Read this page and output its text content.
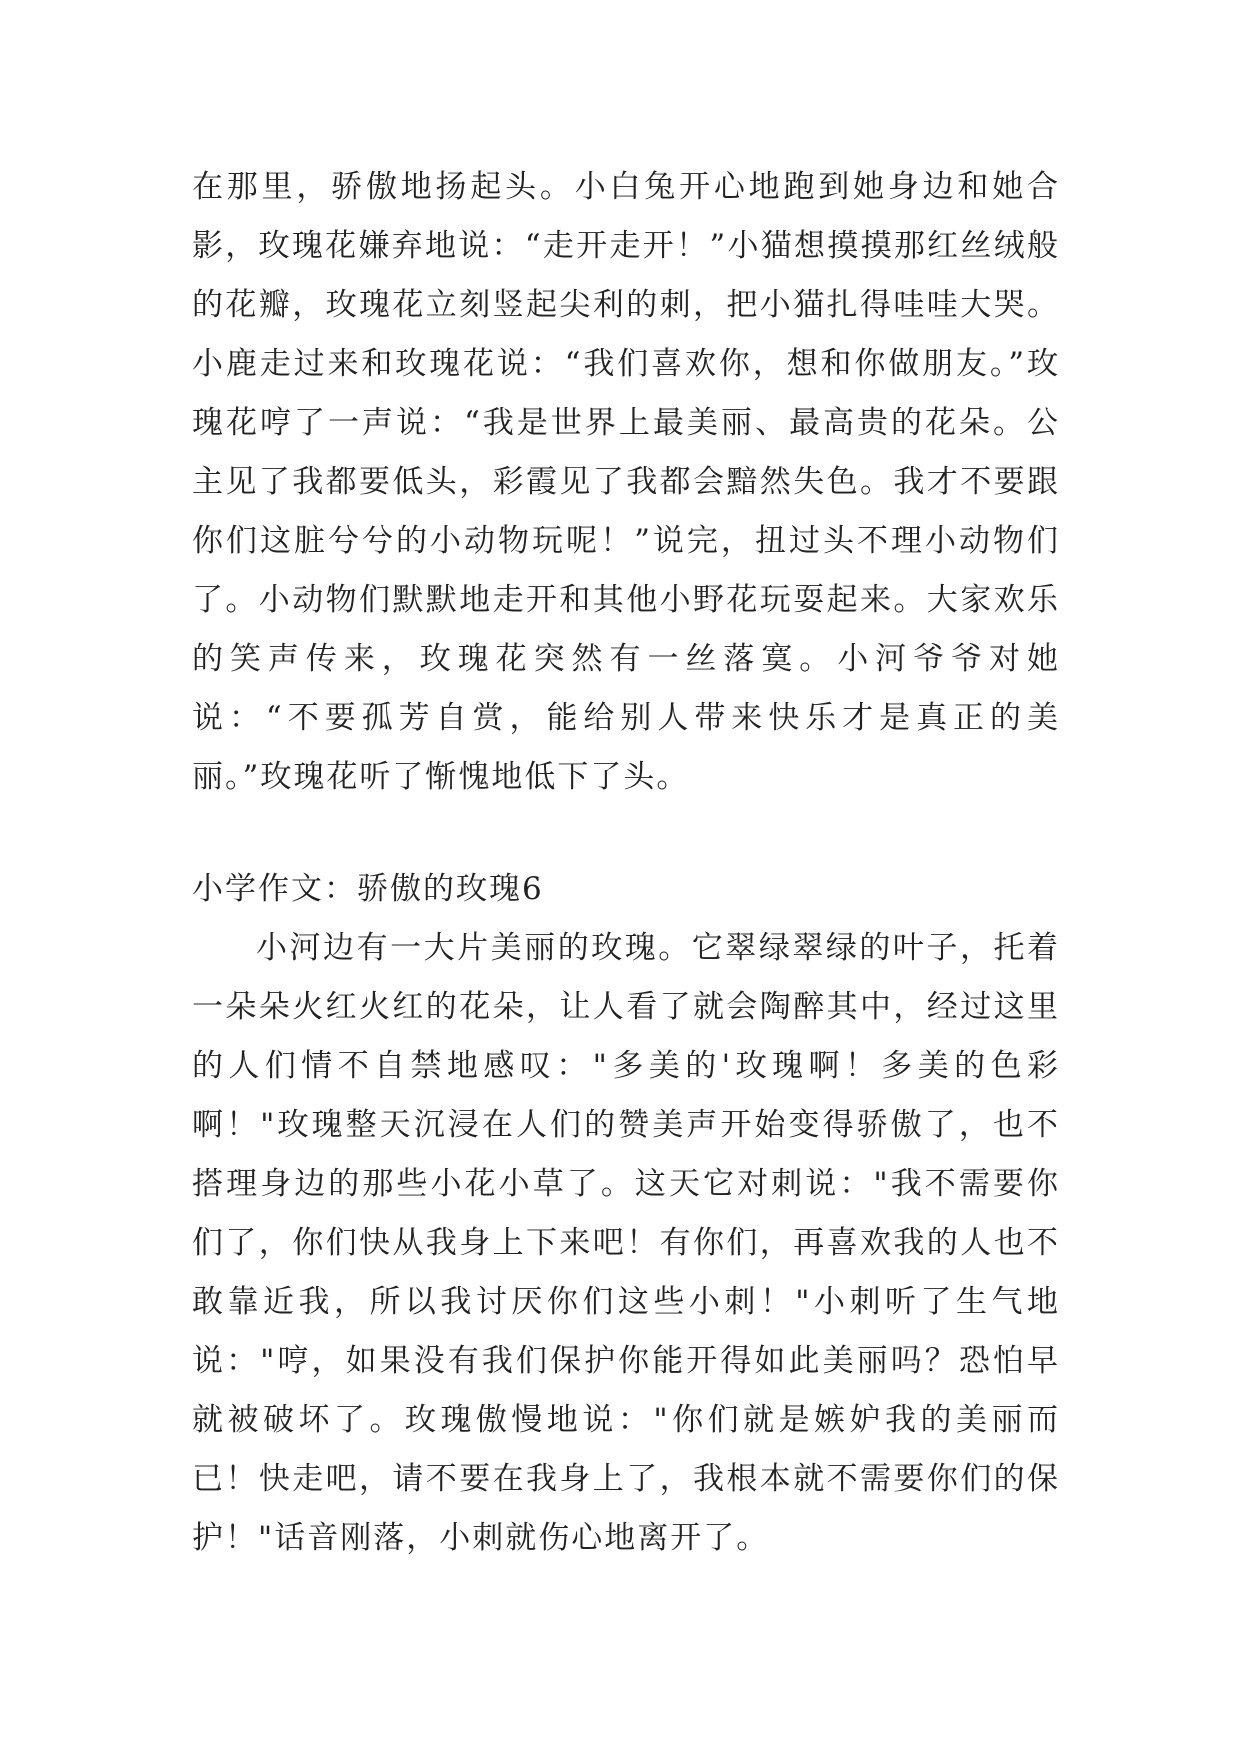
在那里，骄傲地扬起头。小白兔开心地跑到她身边和她合影，玫瑰花嫌弃地说：“走开走开！”小猫想摸摸那红丝绒般的花瓣，玫瑰花立刻竖起尖利的刺，把小猫扎得哇哇大哭。小鹿走过来和玫瑰花说：“我们喜欢你，想和你做朋友。”玫瑰花哼了一声说：“我是世界上最美丽、最高贵的花朵。公主见了我都要低头，彩霞见了我都会黯然失色。我才不要跟你们这脏兮兮的小动物玩呢！”说完，扭过头不理小动物们了。小动物们默默地走开和其他小野花玩耍起来。大家欢乐的笑声传来，玫瑰花突然有一丝落寞。小河爷爷对她说：“不要孤芳自赏，能给别人带来快乐才是真正的美丽。”玫瑰花听了惭愧地低下了头。

小学作文：骄傲的玫瑰6

小河边有一大片美丽的玫瑰。它翠绿翠绿的叶子，托着一朵朵火红火红的花朵，让人看了就会陶醉其中，经过这里的人们情不自禁地感叹："多美的'玫瑰啊！多美的色彩啊！"玫瑰整天沉浸在人们的赞美声开始变得骄傲了，也不搭理身边的那些小花小草了。这天它对刺说："我不需要你们了，你们快从我身上下来吧！有你们，再喜欢我的人也不敢靠近我，所以我讨厌你们这些小刺！"小刺听了生气地说："哼，如果没有我们保护你能开得如此美丽吗？恐怕早就被破坏了。玫瑰傲慢地说："你们就是嫉妒我的美丽而已！快走吧，请不要在我身上了，我根本就不需要你们的保护！"话音刚落，小刺就伤心地离开了。
